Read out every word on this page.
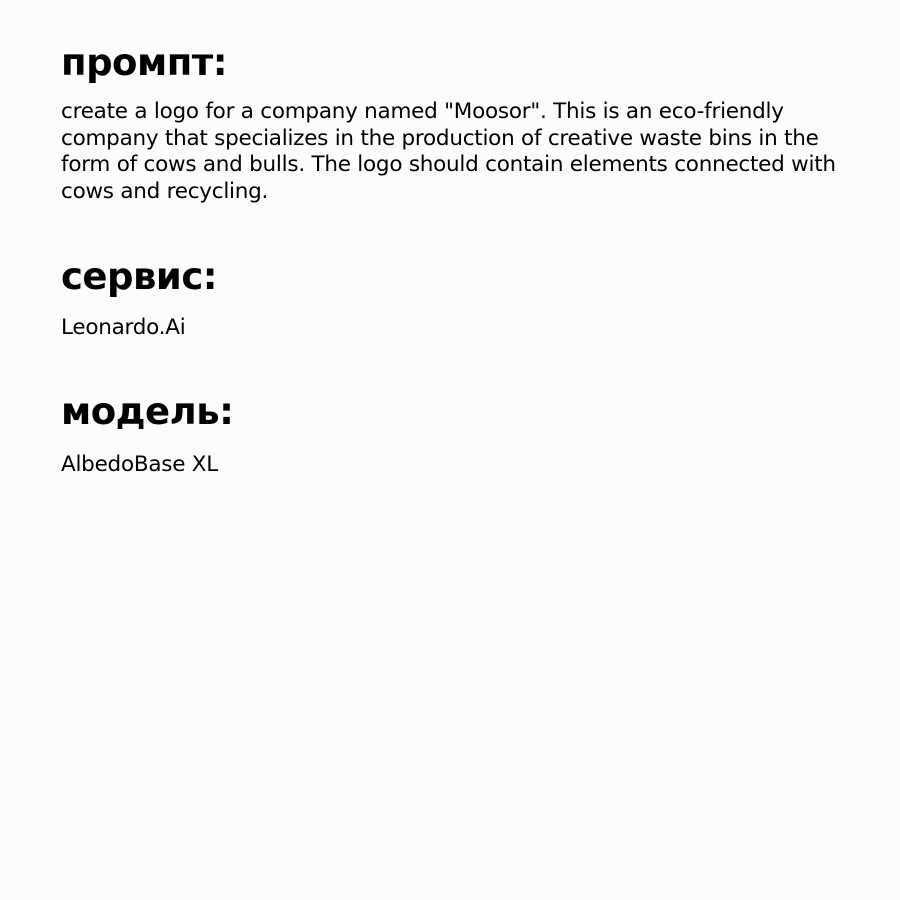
промпт:

create a logo for a company named "Moosor". This is an eco-friendly company that specializes in the production of creative waste bins in the form of cows and bulls. The logo should contain elements connected with cows and recycling.

сервис:

Leonardo.Ai

модель:

AlbedoBase XL
